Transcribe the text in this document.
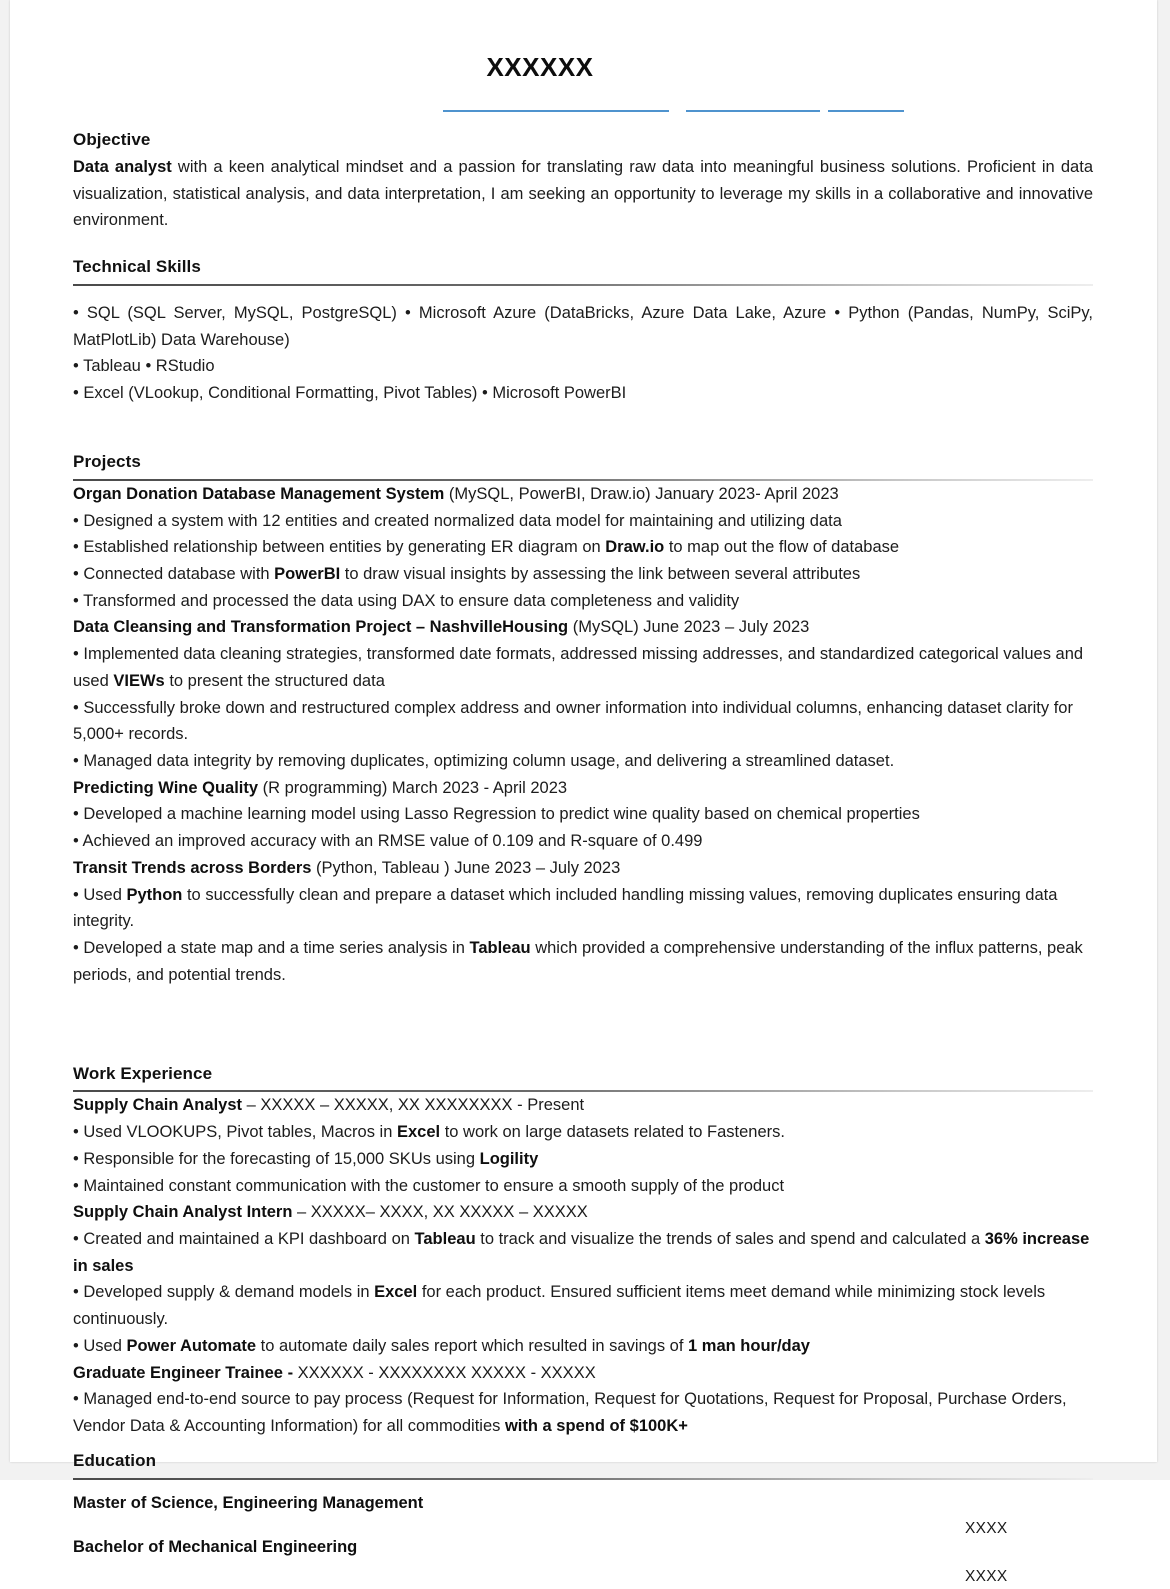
XXXXXX
Objective
Data analyst with a keen analytical mindset and a passion for translating raw data into meaningful business solutions. Proficient in data visualization, statistical analysis, and data interpretation, I am seeking an opportunity to leverage my skills in a collaborative and innovative environment.
Technical Skills
• SQL (SQL Server, MySQL, PostgreSQL) • Microsoft Azure (DataBricks, Azure Data Lake, Azure • Python (Pandas, NumPy, SciPy, MatPlotLib) Data Warehouse)
• Tableau • RStudio
• Excel (VLookup, Conditional Formatting, Pivot Tables) • Microsoft PowerBI
Projects
Organ Donation Database Management System (MySQL, PowerBI, Draw.io) January 2023- April 2023
• Designed a system with 12 entities and created normalized data model for maintaining and utilizing data
• Established relationship between entities by generating ER diagram on Draw.io to map out the flow of database
• Connected database with PowerBI to draw visual insights by assessing the link between several attributes
• Transformed and processed the data using DAX to ensure data completeness and validity
Data Cleansing and Transformation Project – NashvilleHousing (MySQL) June 2023 – July 2023
• Implemented data cleaning strategies, transformed date formats, addressed missing addresses, and standardized categorical values and used VIEWs to present the structured data
• Successfully broke down and restructured complex address and owner information into individual columns, enhancing dataset clarity for 5,000+ records.
• Managed data integrity by removing duplicates, optimizing column usage, and delivering a streamlined dataset.
Predicting Wine Quality (R programming) March 2023 - April 2023
• Developed a machine learning model using Lasso Regression to predict wine quality based on chemical properties
• Achieved an improved accuracy with an RMSE value of 0.109 and R-square of 0.499
Transit Trends across Borders (Python, Tableau ) June 2023 – July 2023
• Used Python to successfully clean and prepare a dataset which included handling missing values, removing duplicates ensuring data integrity.
• Developed a state map and a time series analysis in Tableau which provided a comprehensive understanding of the influx patterns, peak periods, and potential trends.
Work Experience
Supply Chain Analyst – XXXXX – XXXXX, XX XXXXXXXX - Present
• Used VLOOKUPS, Pivot tables, Macros in Excel to work on large datasets related to Fasteners.
• Responsible for the forecasting of 15,000 SKUs using Logility
• Maintained constant communication with the customer to ensure a smooth supply of the product
Supply Chain Analyst Intern – XXXXX– XXXX, XX XXXXX – XXXXX
• Created and maintained a KPI dashboard on Tableau to track and visualize the trends of sales and spend and calculated a 36% increase in sales
• Developed supply & demand models in Excel for each product. Ensured sufficient items meet demand while minimizing stock levels continuously.
• Used Power Automate to automate daily sales report which resulted in savings of 1 man hour/day
Graduate Engineer Trainee - XXXXXX - XXXXXXXX XXXXX - XXXXX
• Managed end-to-end source to pay process (Request for Information, Request for Quotations, Request for Proposal, Purchase Orders, Vendor Data & Accounting Information) for all commodities with a spend of $100K+
Education
Master of Science, Engineering Management
Bachelor of Mechanical Engineering
XXXX
XXXX
